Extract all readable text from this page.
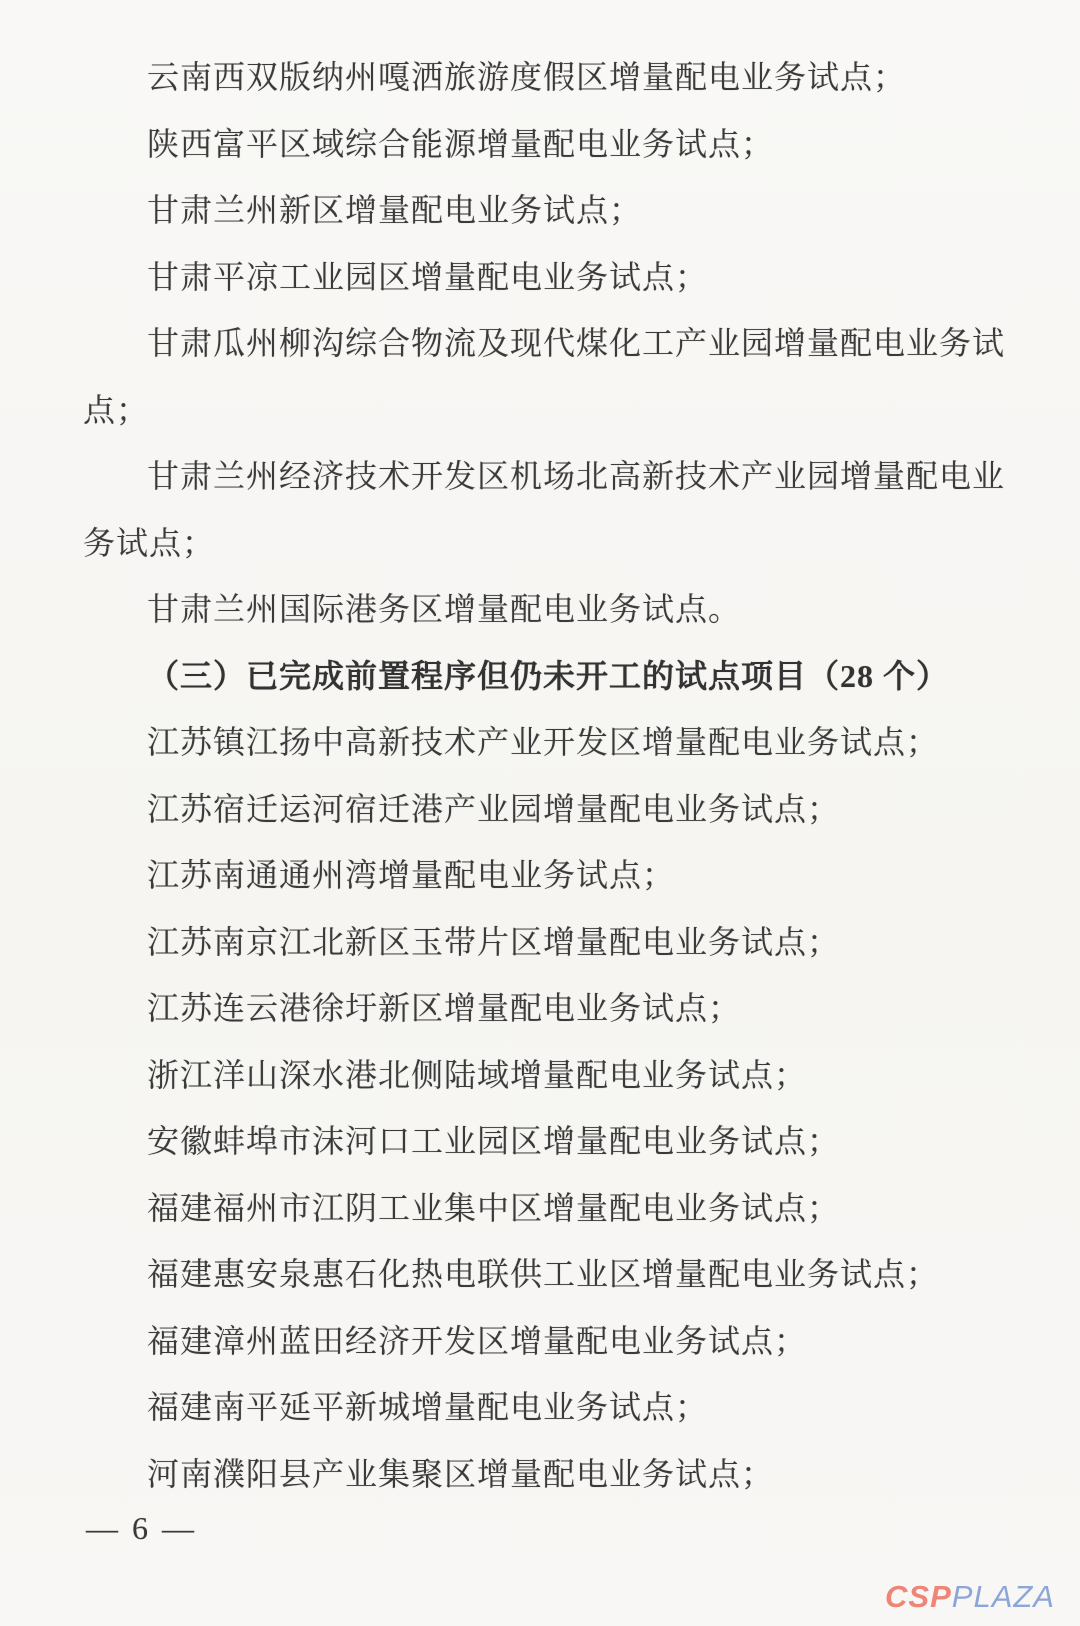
云南西双版纳州嘎洒旅游度假区增量配电业务试点；
陕西富平区域综合能源增量配电业务试点；
甘肃兰州新区增量配电业务试点；
甘肃平凉工业园区增量配电业务试点；
甘肃瓜州柳沟综合物流及现代煤化工产业园增量配电业务试
点；
甘肃兰州经济技术开发区机场北高新技术产业园增量配电业
务试点；
甘肃兰州国际港务区增量配电业务试点。
（三）已完成前置程序但仍未开工的试点项目（28 个）
江苏镇江扬中高新技术产业开发区增量配电业务试点；
江苏宿迁运河宿迁港产业园增量配电业务试点；
江苏南通通州湾增量配电业务试点；
江苏南京江北新区玉带片区增量配电业务试点；
江苏连云港徐圩新区增量配电业务试点；
浙江洋山深水港北侧陆域增量配电业务试点；
安徽蚌埠市沫河口工业园区增量配电业务试点；
福建福州市江阴工业集中区增量配电业务试点；
福建惠安泉惠石化热电联供工业区增量配电业务试点；
福建漳州蓝田经济开发区增量配电业务试点；
福建南平延平新城增量配电业务试点；
河南濮阳县产业集聚区增量配电业务试点；
— 6 —
CSPPLAZA
